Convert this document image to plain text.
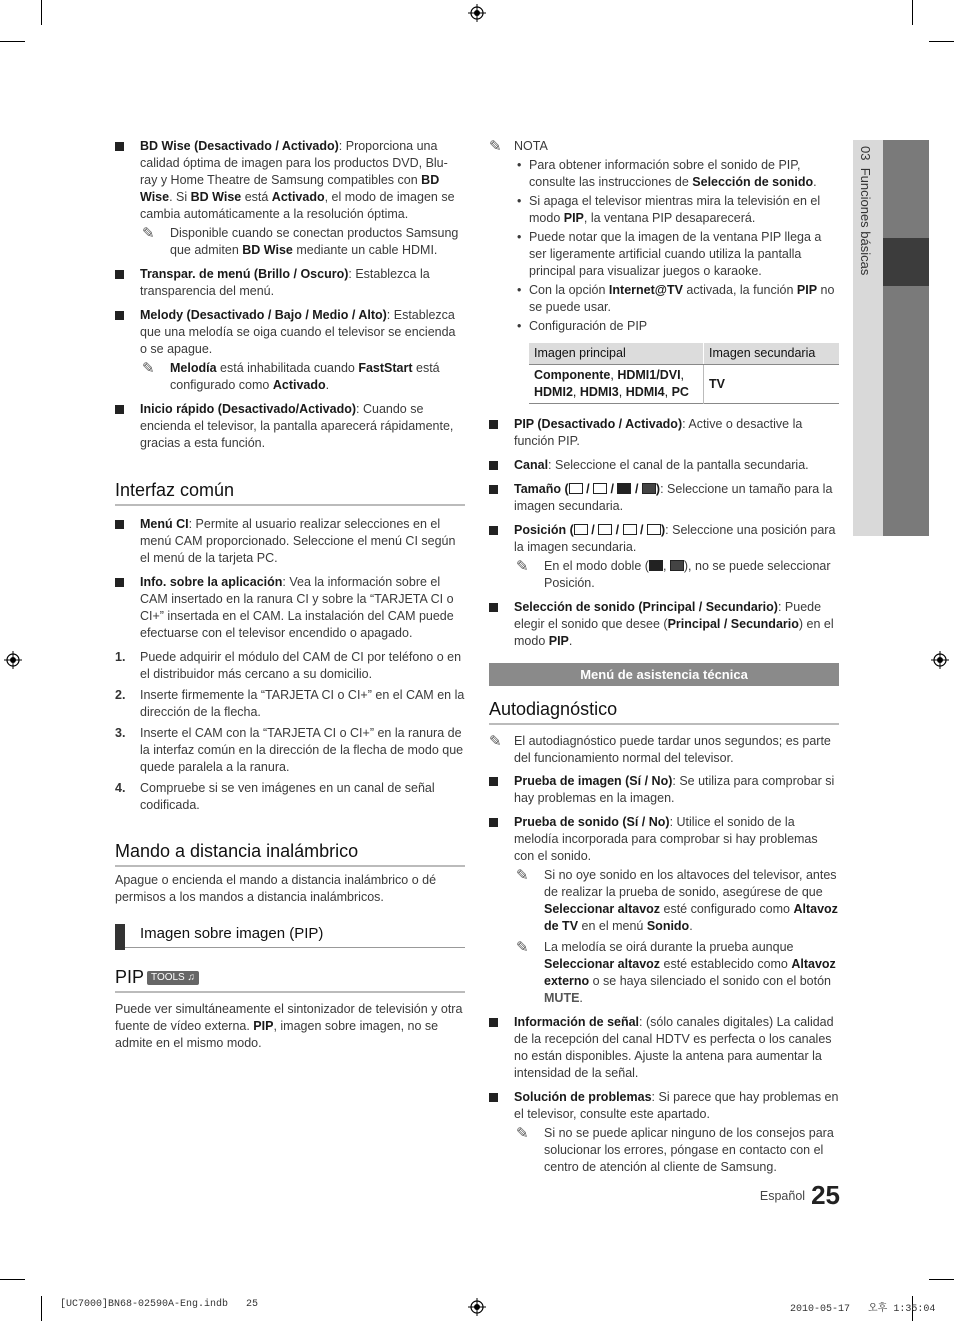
03  Funciones básicas
BD Wise (Desactivado / Activado): Proporciona una calidad óptima de imagen para los productos DVD, Blu-ray y Home Theatre de Samsung compatibles con BD Wise. Si BD Wise está Activado, el modo de imagen se cambia automáticamente a la resolución óptima.
✎ Disponible cuando se conectan productos Samsung que admiten BD Wise mediante un cable HDMI.
Transpar. de menú (Brillo / Oscuro): Establezca la transparencia del menú.
Melody (Desactivado / Bajo / Medio / Alto): Establezca que una melodía se oiga cuando el televisor se encienda o se apague.
✎ Melodía está inhabilitada cuando FastStart está configurado como Activado.
Inicio rápido (Desactivado/Activado): Cuando se encienda el televisor, la pantalla aparecerá rápidamente, gracias a esta función.
Interfaz común
Menú CI: Permite al usuario realizar selecciones en el menú CAM proporcionado. Seleccione el menú CI según el menú de la tarjeta PC.
Info. sobre la aplicación: Vea la información sobre el CAM insertado en la ranura CI y sobre la “TARJETA CI o CI+” insertada en el CAM. La instalación del CAM puede efectuarse con el televisor encendido o apagado.
1. Puede adquirir el módulo del CAM de CI por teléfono o en el distribuidor más cercano a su domicilio.
2. Inserte firmemente la “TARJETA CI o CI+” en el CAM en la dirección de la flecha.
3. Inserte el CAM con la “TARJETA CI o CI+” en la ranura de la interfaz común en la dirección de la flecha de modo que quede paralela a la ranura.
4. Compruebe si se ven imágenes en un canal de señal codificada.
Mando a distancia inalámbrico

Apague o encienda el mando a distancia inalámbrico o dé permisos a los mandos a distancia inalámbricos.

Imagen sobre imagen (PIP)
PIP TOOLS ♫

Puede ver simultáneamente el sintonizador de televisión y otra fuente de vídeo externa. PIP, imagen sobre imagen, no se admite en el mismo modo.

✎ NOTA
• Para obtener información sobre el sonido de PIP, consulte las instrucciones de Selección de sonido.
• Si apaga el televisor mientras mira la televisión en el modo PIP, la ventana PIP desaparecerá.
• Puede notar que la imagen de la ventana PIP llega a ser ligeramente artificial cuando utiliza la pantalla principal para visualizar juegos o karaoke.
• Con la opción Internet@TV activada, la función PIP no se puede usar.
• Configuración de PIP
Imagen principal	Imagen secundaria
Componente, HDMI1/DVI, HDMI2, HDMI3, HDMI4, PC	TV
PIP (Desactivado / Activado): Active o desactive la función PIP.
Canal: Seleccione el canal de la pantalla secundaria.
Tamaño ( /  /  / ): Seleccione un tamaño para la imagen secundaria.
Posición ( /  /  / ): Seleccione una posición para la imagen secundaria.
✎ En el modo doble ( , ), no se puede seleccionar Posición.
Selección de sonido (Principal / Secundario): Puede elegir el sonido que desee (Principal / Secundario) en el modo PIP.
Menú de asistencia técnica
Autodiagnóstico
✎ El autodiagnóstico puede tardar unos segundos; es parte del funcionamiento normal del televisor.
Prueba de imagen (Sí / No): Se utiliza para comprobar si hay problemas en la imagen.
Prueba de sonido (Sí / No): Utilice el sonido de la melodía incorporada para comprobar si hay problemas con el sonido.
✎ Si no oye sonido en los altavoces del televisor, antes de realizar la prueba de sonido, asegúrese de que Seleccionar altavoz esté configurado como Altavoz de TV en el menú Sonido.
✎ La melodía se oirá durante la prueba aunque Seleccionar altavoz esté establecido como Altavoz externo o se haya silenciado el sonido con el botón MUTE.
Información de señal: (sólo canales digitales) La calidad de la recepción del canal HDTV es perfecta o los canales no están disponibles. Ajuste la antena para aumentar la intensidad de la señal.
Solución de problemas: Si parece que hay problemas en el televisor, consulte este apartado.
✎ Si no se puede aplicar ninguno de los consejos para solucionar los errores, póngase en contacto con el centro de atención al cliente de Samsung.
$^{Español}$ 25
[UC7000]BN68-02590A-Eng.indb   25	2010-05-17   오후 1:35:04
